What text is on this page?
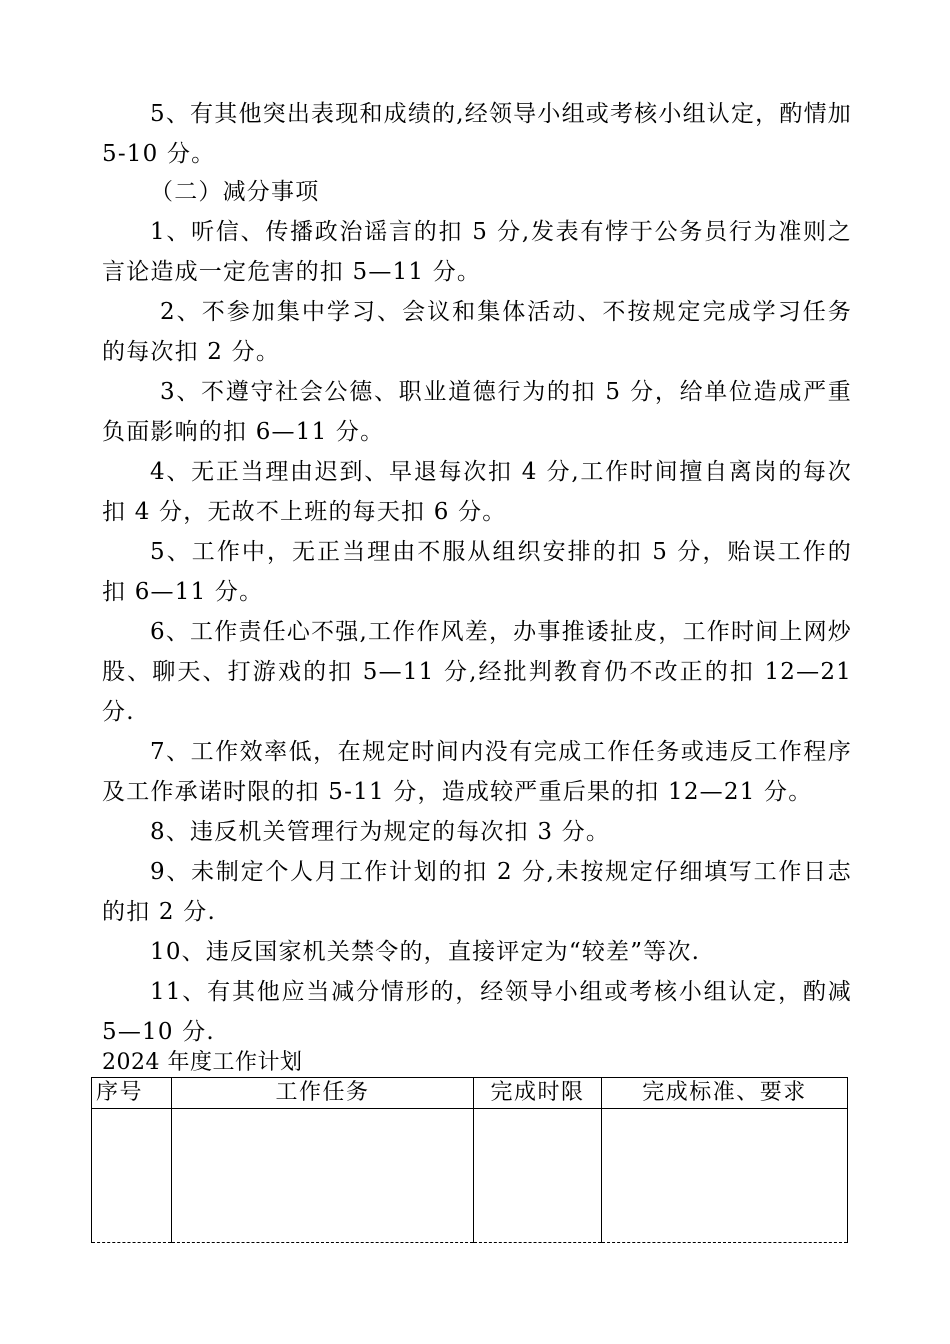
5、有其他突出表现和成绩的,经领导小组或考核小组认定，酌情加 5-10 分。

（二）减分事项

1、听信、传播政治谣言的扣 5 分,发表有悖于公务员行为准则之言论造成一定危害的扣 5—11 分。

2、不参加集中学习、会议和集体活动、不按规定完成学习任务的每次扣 2 分。

3、不遵守社会公德、职业道德行为的扣 5 分，给单位造成严重负面影响的扣 6—11 分。

4、无正当理由迟到、早退每次扣 4 分,工作时间擅自离岗的每次扣 4 分，无故不上班的每天扣 6 分。

5、工作中，无正当理由不服从组织安排的扣 5 分，贻误工作的扣 6—11 分。

6、工作责任心不强,工作作风差，办事推诿扯皮，工作时间上网炒股、聊天、打游戏的扣 5—11 分,经批判教育仍不改正的扣 12—21 分.

7、工作效率低，在规定时间内没有完成工作任务或违反工作程序及工作承诺时限的扣 5-11 分，造成较严重后果的扣 12—21 分。

8、违反机关管理行为规定的每次扣 3 分。

9、未制定个人月工作计划的扣 2 分,未按规定仔细填写工作日志的扣 2 分.

10、违反国家机关禁令的，直接评定为“较差”等次.

11、有其他应当减分情形的，经领导小组或考核小组认定，酌减 5—10 分.

2024 年度工作计划

序号	工作任务	完成时限	完成标准、要求
